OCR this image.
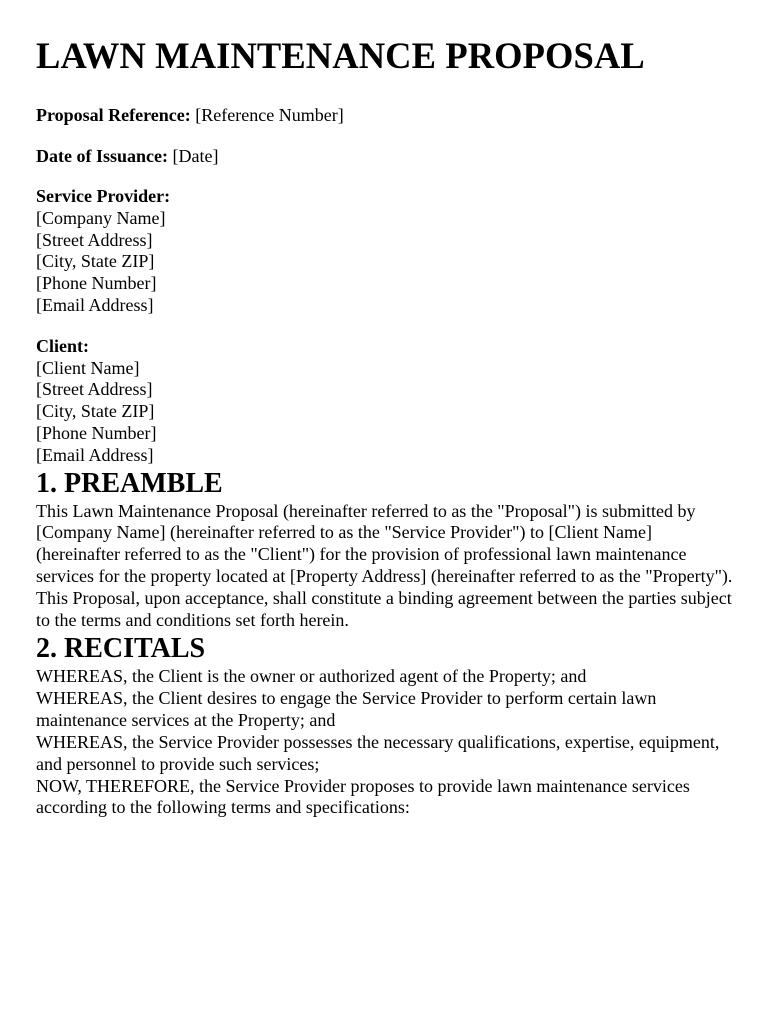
LAWN MAINTENANCE PROPOSAL

Proposal Reference: [Reference Number]

Date of Issuance: [Date]

Service Provider:
[Company Name]
[Street Address]
[City, State ZIP]
[Phone Number]
[Email Address]
Client:
[Client Name]
[Street Address]
[City, State ZIP]
[Phone Number]
[Email Address]
1. PREAMBLE

This Lawn Maintenance Proposal (hereinafter referred to as the "Proposal") is submitted by [Company Name] (hereinafter referred to as the "Service Provider") to [Client Name] (hereinafter referred to as the "Client") for the provision of professional lawn maintenance services for the property located at [Property Address] (hereinafter referred to as the "Property"). This Proposal, upon acceptance, shall constitute a binding agreement between the parties subject to the terms and conditions set forth herein.

2. RECITALS

WHEREAS, the Client is the owner or authorized agent of the Property; and

WHEREAS, the Client desires to engage the Service Provider to perform certain lawn maintenance services at the Property; and

WHEREAS, the Service Provider possesses the necessary qualifications, expertise, equipment, and personnel to provide such services;

NOW, THEREFORE, the Service Provider proposes to provide lawn maintenance services according to the following terms and specifications:
